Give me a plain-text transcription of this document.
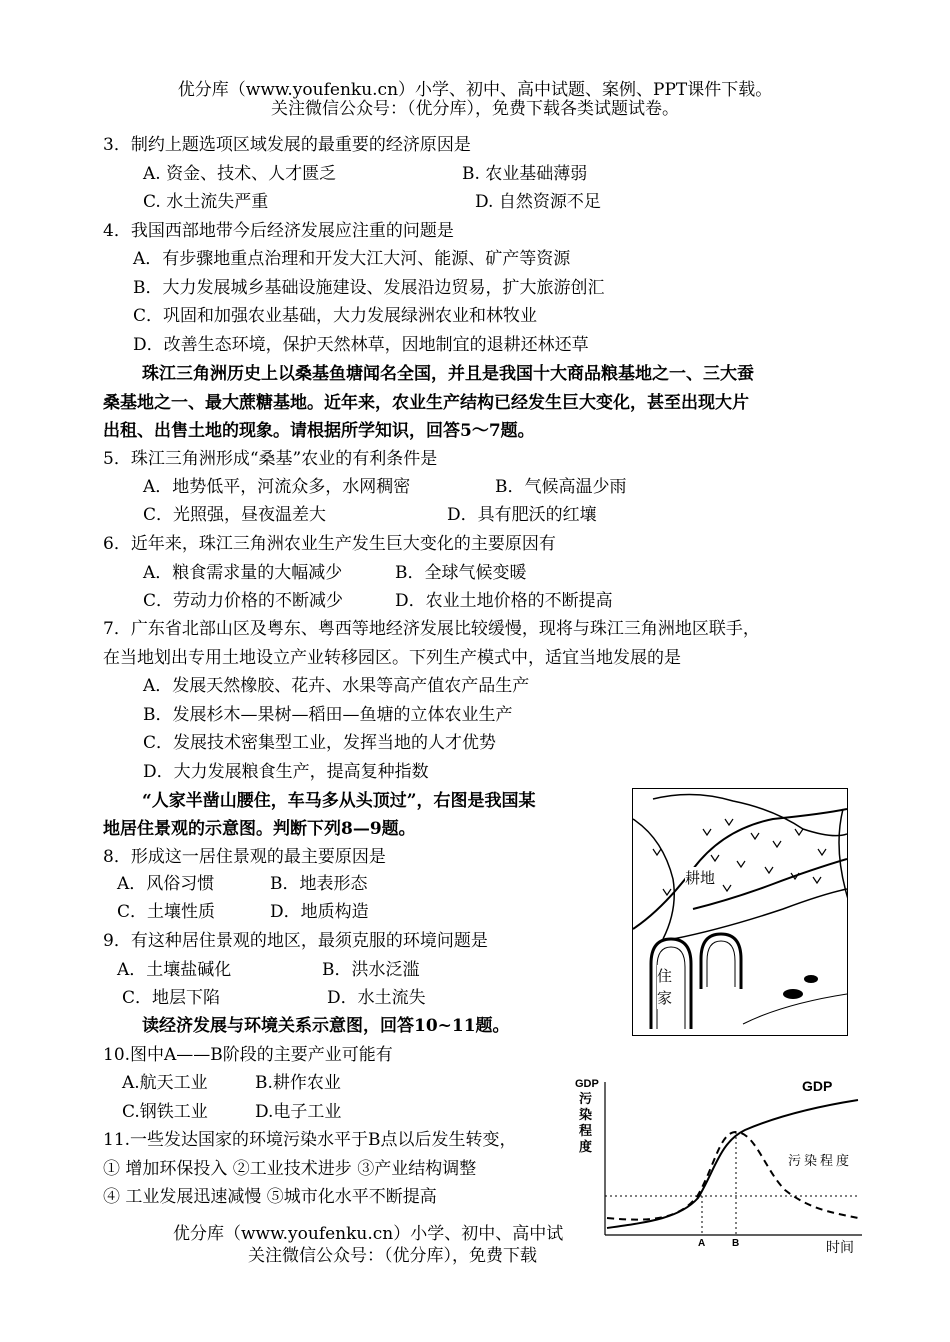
优分库（www.youfenku.cn）小学、初中、高中试题、案例、PPT课件下载。
关注微信公众号：（优分库），免费下载各类试题试卷。
3．制约上题选项区域发展的最重要的经济原因是
A. 资金、技术、人才匮乏	B. 农业基础薄弱
C. 水土流失严重	D. 自然资源不足
4．我国西部地带今后经济发展应注重的问题是
A．有步骤地重点治理和开发大江大河、能源、矿产等资源
B．大力发展城乡基础设施建设、发展沿边贸易，扩大旅游创汇
C．巩固和加强农业基础，大力发展绿洲农业和林牧业
D．改善生态环境，保护天然林草，因地制宜的退耕还林还草
珠江三角洲历史上以桑基鱼塘闻名全国，并且是我国十大商品粮基地之一、三大蚕
桑基地之一、最大蔗糖基地。近年来，农业生产结构已经发生巨大变化，甚至出现大片
出租、出售土地的现象。请根据所学知识，回答5～7题。
5．珠江三角洲形成“桑基”农业的有利条件是
A．地势低平，河流众多，水网稠密	B．气候高温少雨
C．光照强，昼夜温差大	D．具有肥沃的红壤
6．近年来，珠江三角洲农业生产发生巨大变化的主要原因有
A．粮食需求量的大幅减少	B．全球气候变暖
C．劳动力价格的不断减少	D．农业土地价格的不断提高
7．广东省北部山区及粤东、粤西等地经济发展比较缓慢，现将与珠江三角洲地区联手，
在当地划出专用土地设立产业转移园区。下列生产模式中，适宜当地发展的是
A．发展天然橡胶、花卉、水果等高产值农产品生产
B．发展杉木—果树—稻田—鱼塘的立体农业生产
C．发展技术密集型工业，发挥当地的人才优势
D．大力发展粮食生产，提高复种指数
“人家半凿山腰住，车马多从头顶过”，右图是我国某
地居住景观的示意图。判断下列8—9题。
8．形成这一居住景观的最主要原因是
A．风俗习惯	B．地表形态
C．土壤性质	D．地质构造
9．有这种居住景观的地区，最须克服的环境问题是
A．土壤盐碱化	B．洪水泛滥
C．地层下陷	D．水土流失
读经济发展与环境关系示意图，回答10~11题。
10.图中A——B阶段的主要产业可能有
A.航天工业	B.耕作农业
C.钢铁工业	D.电子工业
11.一些发达国家的环境污染水平于B点以后发生转变，
① 增加环保投入 ②工业技术进步 ③产业结构调整
④ 工业发展迅速减慢 ⑤城市化水平不断提高
优分库（www.youfenku.cn）小学、初中、高中试
关注微信公众号：（优分库），免费下载
耕地
住家
GDP
污染程度
GDP
污染程度
A	B	时间
